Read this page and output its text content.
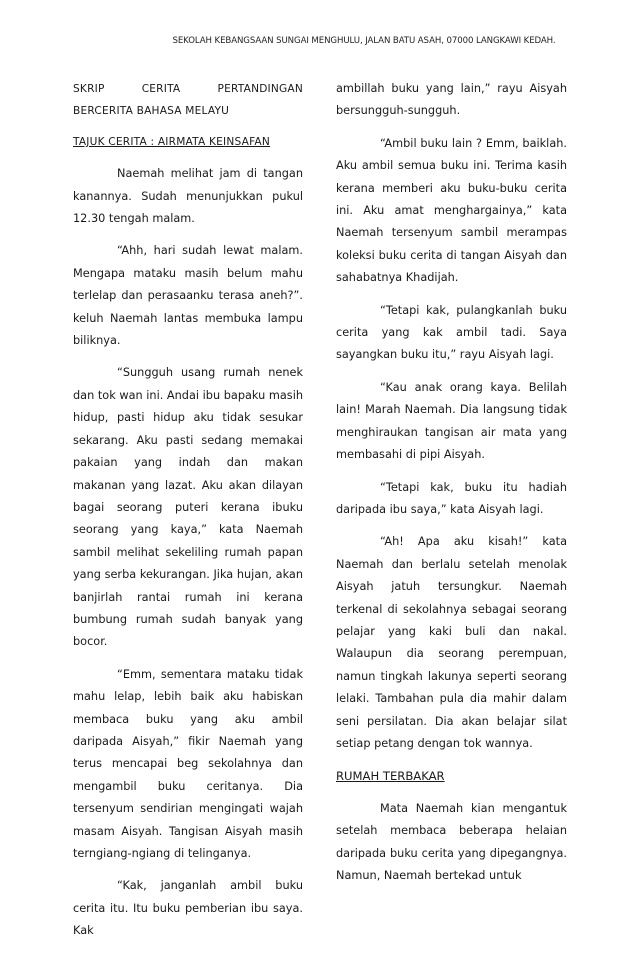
SEKOLAH KEBANGSAAN SUNGAI MENGHULU, JALAN BATU ASAH, 07000 LANGKAWI KEDAH.

SKRIP CERITA PERTANDINGAN

BERCERITA BAHASA MELAYU

TAJUK CERITA : AIRMATA KEINSAFAN

Naemah melihat jam di tangan kanannya. Sudah menunjukkan pukul 12.30 tengah malam.

“Ahh, hari sudah lewat malam. Mengapa mataku masih belum mahu terlelap dan perasaanku terasa aneh?”. keluh Naemah lantas membuka lampu biliknya.

“Sungguh usang rumah nenek dan tok wan ini. Andai ibu bapaku masih hidup, pasti hidup aku tidak sesukar sekarang. Aku pasti sedang memakai pakaian yang indah dan makan makanan yang lazat. Aku akan dilayan bagai seorang puteri kerana ibuku seorang yang kaya,” kata Naemah sambil melihat sekeliling rumah papan yang serba kekurangan. Jika hujan, akan banjirlah rantai rumah ini kerana bumbung rumah sudah banyak yang bocor.

“Emm, sementara mataku tidak mahu lelap, lebih baik aku habiskan membaca buku yang aku ambil daripada Aisyah,” fikir Naemah yang terus mencapai beg sekolahnya dan mengambil buku ceritanya. Dia tersenyum sendirian mengingati wajah masam Aisyah. Tangisan Aisyah masih terngiang-ngiang di telinganya.

“Kak, janganlah ambil buku cerita itu. Itu buku pemberian ibu saya. Kak

ambillah buku yang lain,” rayu Aisyah bersungguh-sungguh.

“Ambil buku lain ? Emm, baiklah. Aku ambil semua buku ini. Terima kasih kerana memberi aku buku-buku cerita ini. Aku amat menghargainya,” kata Naemah tersenyum sambil merampas koleksi buku cerita di tangan Aisyah dan sahabatnya Khadijah.

“Tetapi kak, pulangkanlah buku cerita yang kak ambil tadi. Saya sayangkan buku itu,” rayu Aisyah lagi.

“Kau anak orang kaya. Belilah lain! Marah Naemah. Dia langsung tidak menghiraukan tangisan air mata yang membasahi di pipi Aisyah.

“Tetapi kak, buku itu hadiah daripada ibu saya,” kata Aisyah lagi.

“Ah! Apa aku kisah!” kata Naemah dan berlalu setelah menolak Aisyah jatuh tersungkur. Naemah terkenal di sekolahnya sebagai seorang pelajar yang kaki buli dan nakal. Walaupun dia seorang perempuan, namun tingkah lakunya seperti seorang lelaki. Tambahan pula dia mahir dalam seni persilatan. Dia akan belajar silat setiap petang dengan tok wannya.

RUMAH TERBAKAR

Mata Naemah kian mengantuk setelah membaca beberapa helaian daripada buku cerita yang dipegangnya. Namun, Naemah bertekad untuk
